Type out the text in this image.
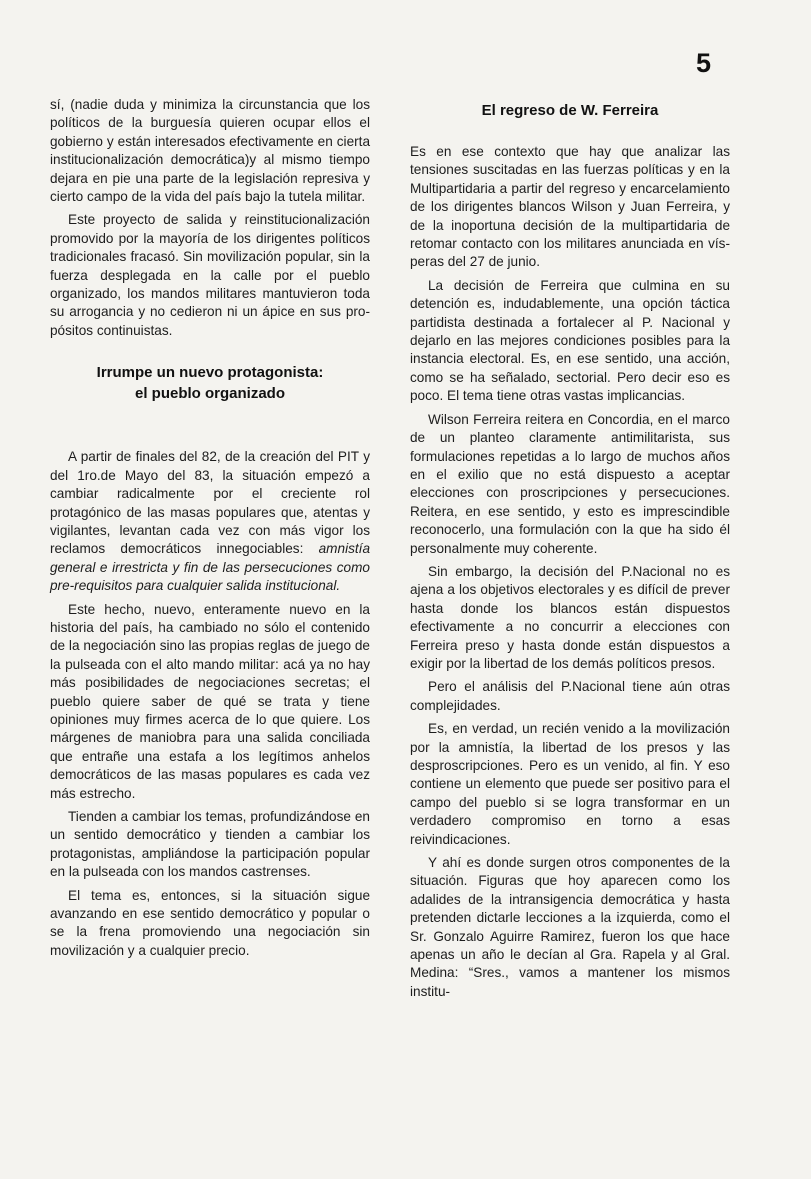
5

sí, (nadie duda y minimiza la circunstancia que los políticos de la burguesía quieren ocupar ellos el gobierno y están interesados efectivamente en cierta institucionalización democrática)y al mismo tiempo dejara en pie una parte de la legislación represiva y cierto campo de la vida del país bajo la tutela militar.

Este proyecto de salida y reinstitucionalización promovido por la mayoría de los dirigentes políticos tradicionales fracasó. Sin movilización popular, sin la fuerza desplegada en la calle por el pueblo organizado, los mandos militares mantuvieron toda su arrogancia y no cedieron ni un ápice en sus propósitos continuistas.

Irrumpe un nuevo protagonista:
el pueblo organizado

A partir de finales del 82, de la creación del PIT y del 1ro.de Mayo del 83, la situación empezó a cambiar radicalmente por el creciente rol protagónico de las masas populares que, atentas y vigilantes, levantan cada vez con más vigor los reclamos democráticos innegociables: amnistía general e irrestricta y fin de las persecuciones como pre-requisitos para cualquier salida institucional.

Este hecho, nuevo, enteramente nuevo en la historia del país, ha cambiado no sólo el contenido de la negociación sino las propias reglas de juego de la pulseada con el alto mando militar: acá ya no hay más posibilidades de negociaciones secretas; el pueblo quiere saber de qué se trata y tiene opiniones muy firmes acerca de lo que quiere. Los márgenes de maniobra para una salida conciliada que entrañe una estafa a los legítimos anhelos democráticos de las masas populares es cada vez más estrecho.

Tienden a cambiar los temas, profundizándose en un sentido democrático y tienden a cambiar los protagonistas, ampliándose la participación popular en la pulseada con los mandos castrenses.

El tema es, entonces, si la situación sigue avanzando en ese sentido democrático y popular o se la frena promoviendo una negociación sin movilización y a cualquier precio.

El regreso de W. Ferreira

Es en ese contexto que hay que analizar las tensiones suscitadas en las fuerzas políticas y en la Multipartidaria a partir del regreso y encarcelamiento de los dirigentes blancos Wilson y Juan Ferreira, y de la inoportuna decisión de la multipartidaria de retomar contacto con los militares anunciada en vísperas del 27 de junio.

La decisión de Ferreira que culmina en su detención es, indudablemente, una opción táctica partidista destinada a fortalecer al P. Nacional y dejarlo en las mejores condiciones posibles para la instancia electoral. Es, en ese sentido, una acción, como se ha señalado, sectorial. Pero decir eso es poco. El tema tiene otras vastas implicancias.

Wilson Ferreira reitera en Concordia, en el marco de un planteo claramente antimilitarista, sus formulaciones repetidas a lo largo de muchos años en el exilio que no está dispuesto a aceptar elecciones con proscripciones y persecuciones. Reitera, en ese sentido, y esto es imprescindible reconocerlo, una formulación con la que ha sido él personalmente muy coherente.

Sin embargo, la decisión del P.Nacional no es ajena a los objetivos electorales y es difícil de prever hasta donde los blancos están dispuestos efectivamente a no concurrir a elecciones con Ferreira preso y hasta donde están dispuestos a exigir por la libertad de los demás políticos presos.

Pero el análisis del P.Nacional tiene aún otras complejidades.

Es, en verdad, un recién venido a la movilización por la amnistía, la libertad de los presos y las desproscripciones. Pero es un venido, al fin. Y eso contiene un elemento que puede ser positivo para el campo del pueblo si se logra transformar en un verdadero compromiso en torno a esas reivindicaciones.

Y ahí es donde surgen otros componentes de la situación. Figuras que hoy aparecen como los adalides de la intransigencia democrática y hasta pretenden dictarle lecciones a la izquierda, como el Sr. Gonzalo Aguirre Ramirez, fueron los que hace apenas un año le decían al Gra. Rapela y al Gral. Medina: “Sres., vamos a mantener los mismos institu-
